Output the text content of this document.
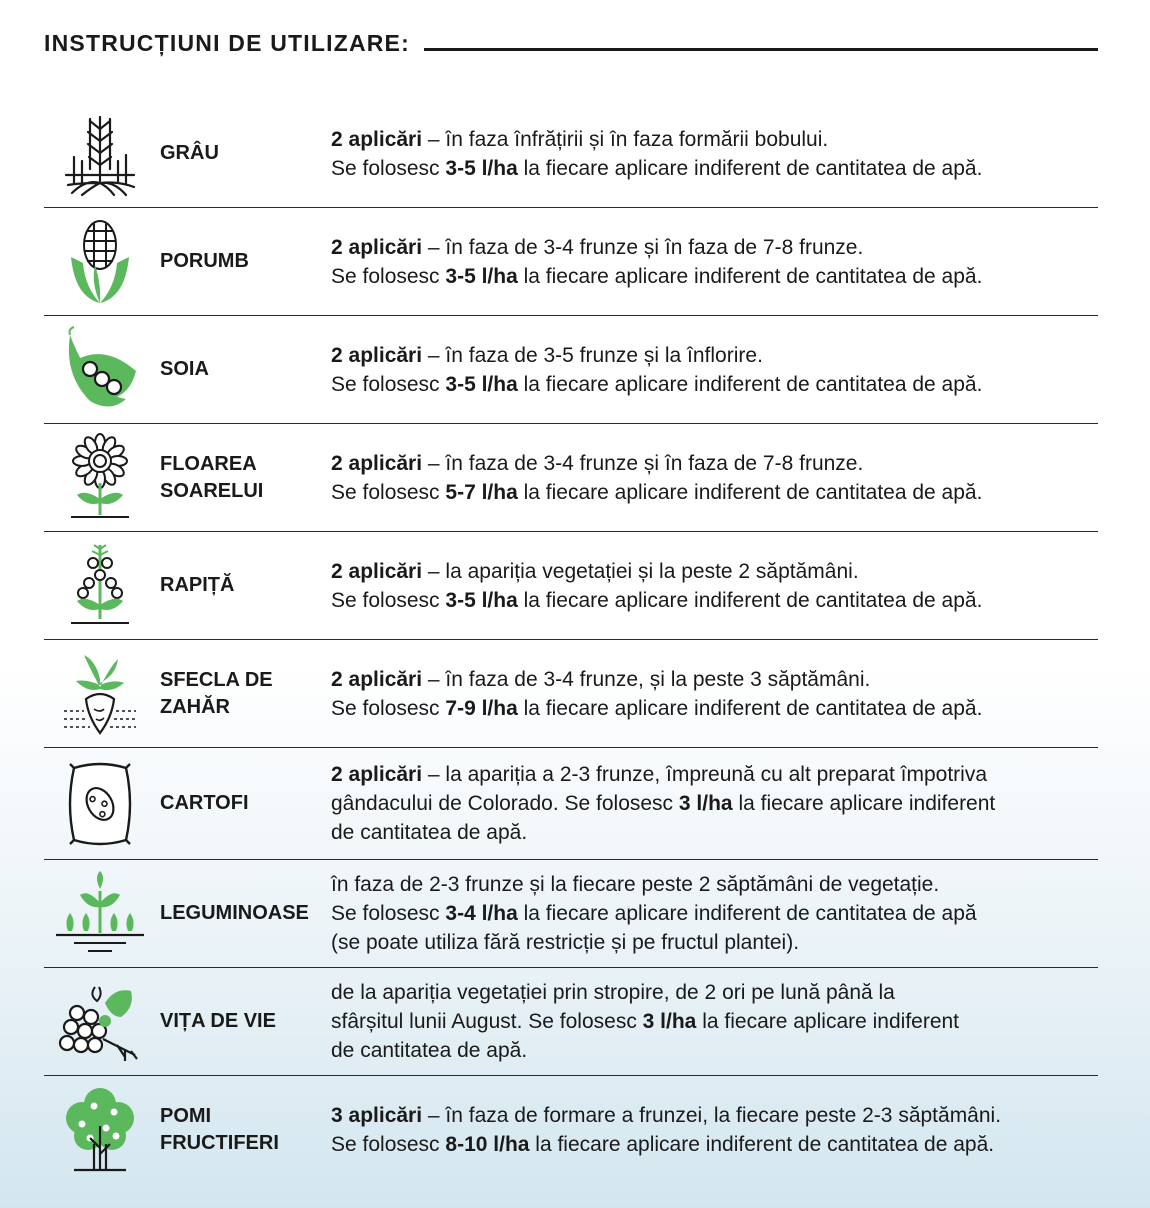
INSTRUCȚIUNI DE UTILIZARE:
GRÂU
2 aplicări – în faza înfrățirii și în faza formării bobului.
Se folosesc 3-5 l/ha la fiecare aplicare indiferent de cantitatea de apă.
PORUMB
2 aplicări – în faza de 3-4 frunze și în faza de 7-8 frunze.
Se folosesc 3-5 l/ha la fiecare aplicare indiferent de cantitatea de apă.
SOIA
2 aplicări – în faza de 3-5 frunze și la înflorire.
Se folosesc 3-5 l/ha la fiecare aplicare indiferent de cantitatea de apă.
FLOAREA
SOARELUI
2 aplicări – în faza de 3-4 frunze și în faza de 7-8 frunze.
Se folosesc 5-7 l/ha la fiecare aplicare indiferent de cantitatea de apă.
RAPIȚĂ
2 aplicări – la apariția vegetației și la peste 2 săptămâni.
Se folosesc 3-5 l/ha la fiecare aplicare indiferent de cantitatea de apă.
SFECLA DE
ZAHĂR
2 aplicări – în faza de 3-4 frunze, și la peste 3 săptămâni.
Se folosesc 7-9 l/ha la fiecare aplicare indiferent de cantitatea de apă.
CARTOFI
2 aplicări – la apariția a 2-3 frunze, împreună cu alt preparat împotriva
gândacului de Colorado. Se folosesc 3 l/ha la fiecare aplicare indiferent
de cantitatea de apă.
LEGUMINOASE
în faza de 2-3 frunze și la fiecare peste 2 săptămâni de vegetație.
Se folosesc 3-4 l/ha la fiecare aplicare indiferent de cantitatea de apă
(se poate utiliza fără restricție și pe fructul plantei).
VIȚA DE VIE
de la apariția vegetației prin stropire, de 2 ori pe lună până la
sfârșitul lunii August. Se folosesc 3 l/ha la fiecare aplicare indiferent
de cantitatea de apă.
POMI
FRUCTIFERI
3 aplicări – în faza de formare a frunzei, la fiecare peste 2-3 săptămâni.
Se folosesc 8-10 l/ha la fiecare aplicare indiferent de cantitatea de apă.
